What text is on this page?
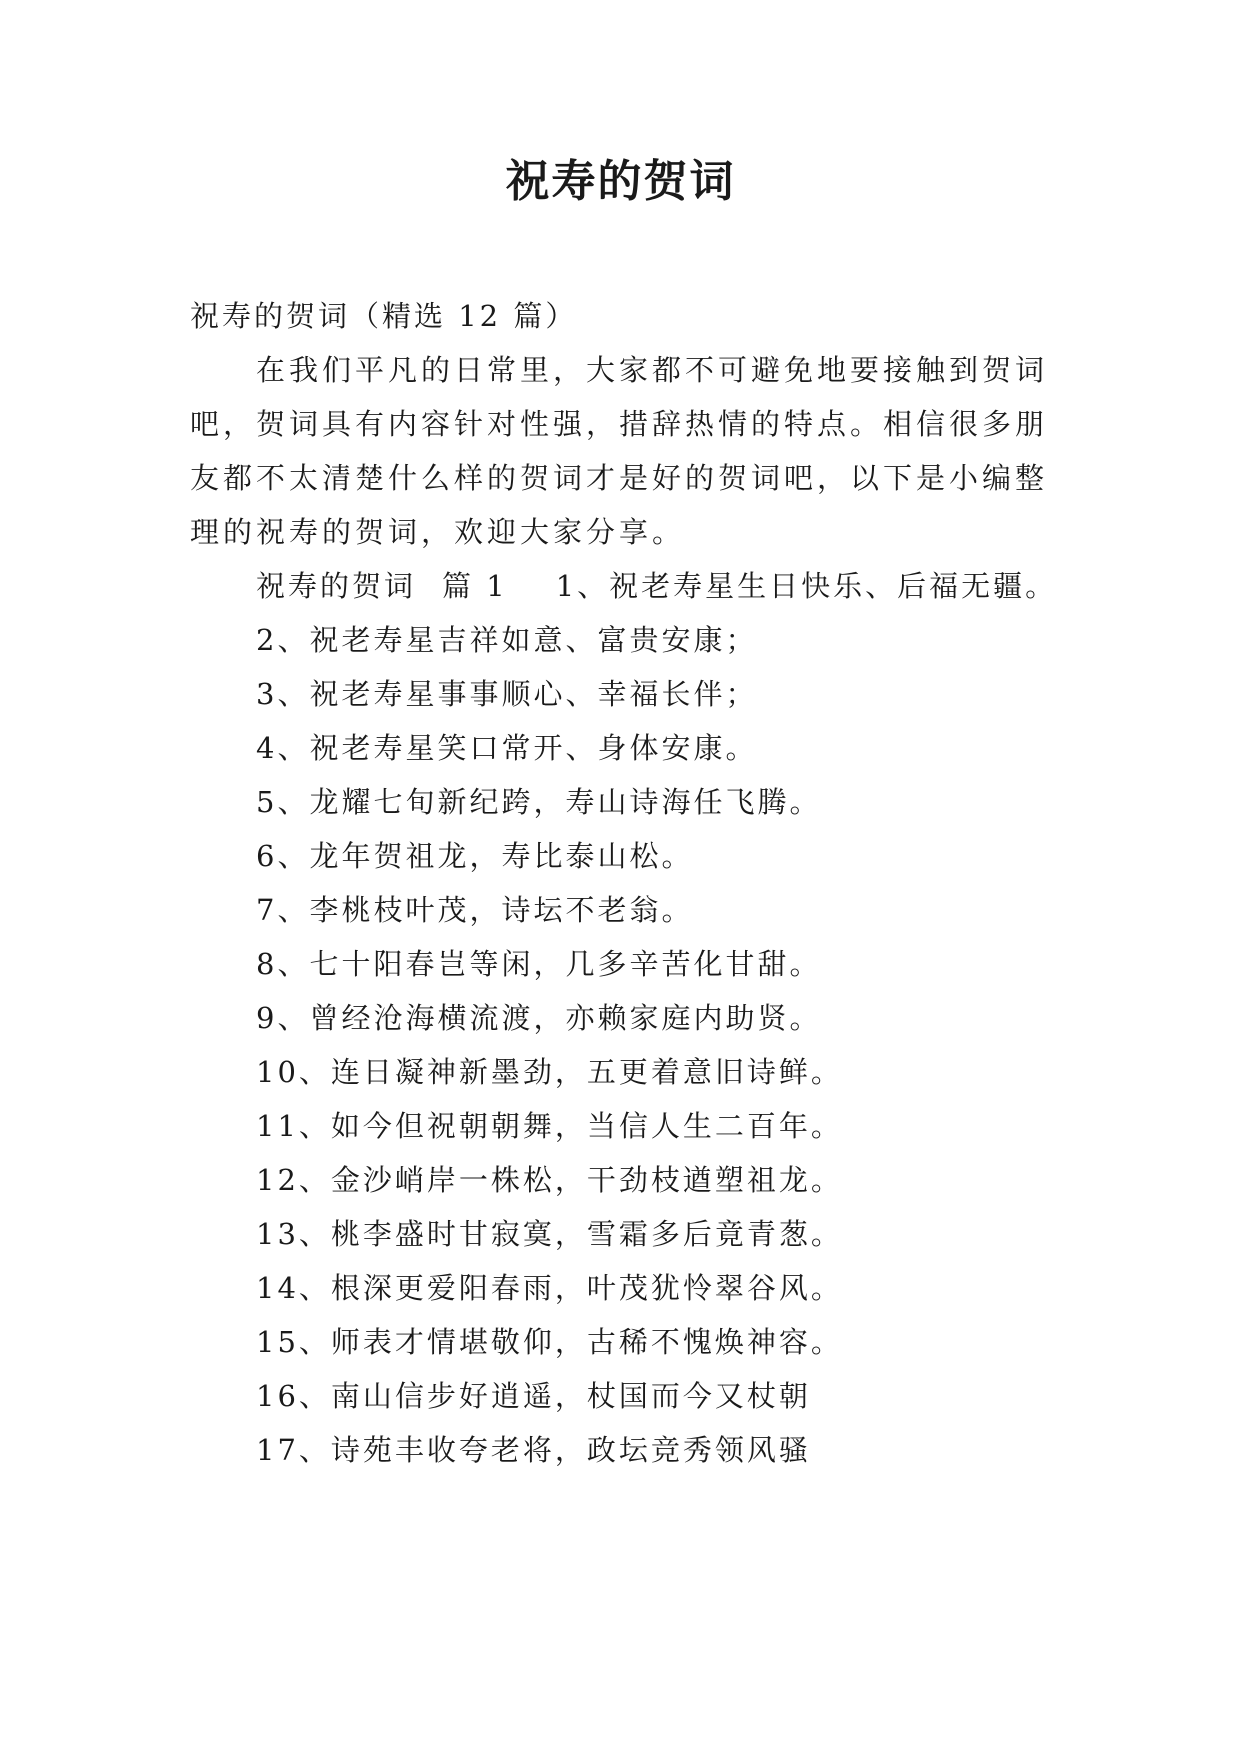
祝寿的贺词
祝寿的贺词（精选 12 篇）
在我们平凡的日常里，大家都不可避免地要接触到贺词
吧，贺词具有内容针对性强，措辞热情的特点。相信很多朋
友都不太清楚什么样的贺词才是好的贺词吧，以下是小编整
理的祝寿的贺词，欢迎大家分享。
祝寿的贺词 篇 1 1、祝老寿星生日快乐、后福无疆。
2、祝老寿星吉祥如意、富贵安康；
3、祝老寿星事事顺心、幸福长伴；
4、祝老寿星笑口常开、身体安康。
5、龙耀七旬新纪跨，寿山诗海任飞腾。
6、龙年贺祖龙，寿比泰山松。
7、李桃枝叶茂，诗坛不老翁。
8、七十阳春岂等闲，几多辛苦化甘甜。
9、曾经沧海横流渡，亦赖家庭内助贤。
10、连日凝神新墨劲，五更着意旧诗鲜。
11、如今但祝朝朝舞，当信人生二百年。
12、金沙峭岸一株松，干劲枝遒塑祖龙。
13、桃李盛时甘寂寞，雪霜多后竟青葱。
14、根深更爱阳春雨，叶茂犹怜翠谷风。
15、师表才情堪敬仰，古稀不愧焕神容。
16、南山信步好逍遥，杖国而今又杖朝
17、诗苑丰收夸老将，政坛竞秀领风骚
